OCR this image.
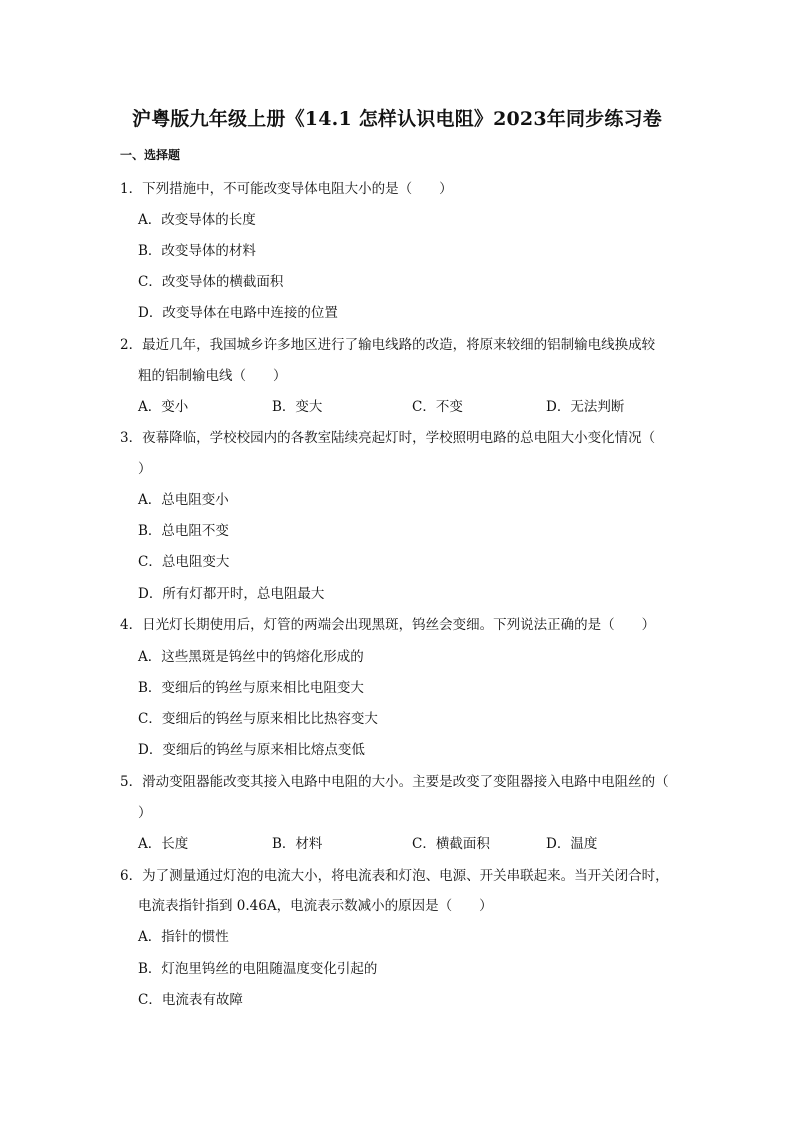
沪粤版九年级上册《14.1 怎样认识电阻》2023年同步练习卷
一、选择题
1．下列措施中，不可能改变导体电阻大小的是（　　）
A．改变导体的长度
B．改变导体的材料
C．改变导体的横截面积
D．改变导体在电路中连接的位置
2．最近几年，我国城乡许多地区进行了输电线路的改造，将原来较细的铝制输电线换成较
粗的铝制输电线（　　）
A．变小	B．变大	C．不变	D．无法判断
3．夜幕降临，学校校园内的各教室陆续亮起灯时，学校照明电路的总电阻大小变化情况（
）
A．总电阻变小
B．总电阻不变
C．总电阻变大
D．所有灯都开时，总电阻最大
4．日光灯长期使用后，灯管的两端会出现黑斑，钨丝会变细。下列说法正确的是（　　）
A．这些黑斑是钨丝中的钨熔化形成的
B．变细后的钨丝与原来相比电阻变大
C．变细后的钨丝与原来相比比热容变大
D．变细后的钨丝与原来相比熔点变低
5．滑动变阻器能改变其接入电路中电阻的大小。主要是改变了变阻器接入电路中电阻丝的（
）
A．长度	B．材料	C．横截面积	D．温度
6．为了测量通过灯泡的电流大小，将电流表和灯泡、电源、开关串联起来。当开关闭合时，
电流表指针指到 0.46A，电流表示数减小的原因是（　　）
A．指针的惯性
B．灯泡里钨丝的电阻随温度变化引起的
C．电流表有故障
